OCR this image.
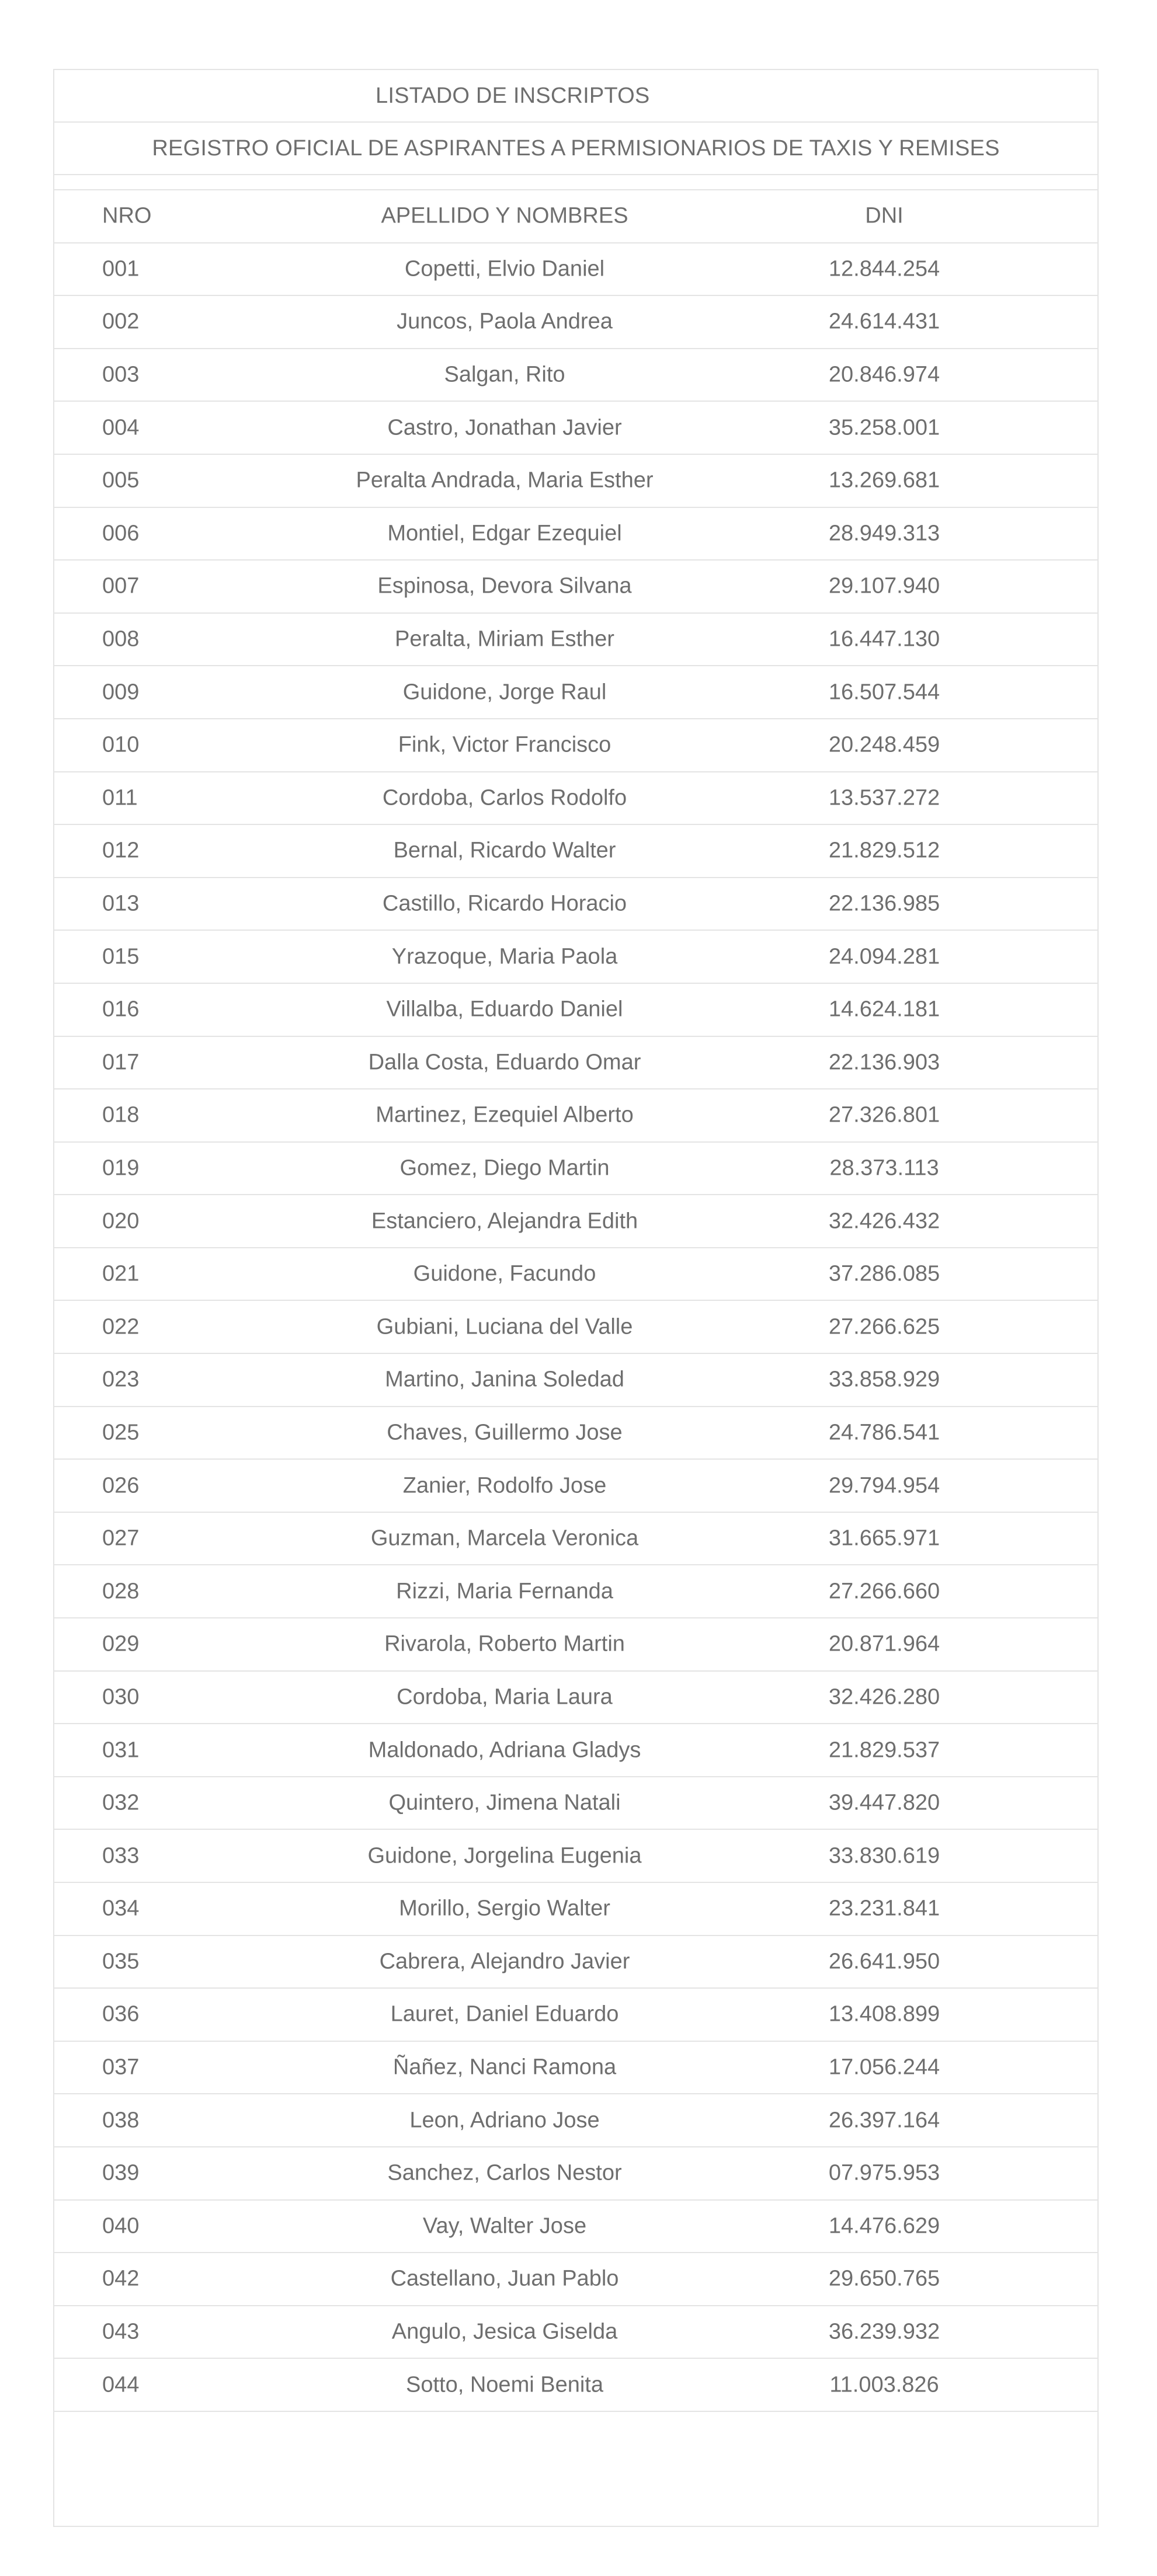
LISTADO DE INSCRIPTOS
REGISTRO OFICIAL DE ASPIRANTES A PERMISIONARIOS DE TAXIS Y REMISES
NRO	APELLIDO Y NOMBRES	DNI
001	Copetti, Elvio Daniel	12.844.254
002	Juncos, Paola Andrea	24.614.431
003	Salgan, Rito	20.846.974
004	Castro, Jonathan Javier	35.258.001
005	Peralta Andrada, Maria Esther	13.269.681
006	Montiel, Edgar Ezequiel	28.949.313
007	Espinosa, Devora Silvana	29.107.940
008	Peralta, Miriam Esther	16.447.130
009	Guidone, Jorge Raul	16.507.544
010	Fink, Victor Francisco	20.248.459
011	Cordoba, Carlos Rodolfo	13.537.272
012	Bernal, Ricardo Walter	21.829.512
013	Castillo, Ricardo Horacio	22.136.985
015	Yrazoque, Maria Paola	24.094.281
016	Villalba, Eduardo Daniel	14.624.181
017	Dalla Costa, Eduardo Omar	22.136.903
018	Martinez, Ezequiel Alberto	27.326.801
019	Gomez, Diego Martin	28.373.113
020	Estanciero, Alejandra Edith	32.426.432
021	Guidone, Facundo	37.286.085
022	Gubiani, Luciana del Valle	27.266.625
023	Martino, Janina Soledad	33.858.929
025	Chaves, Guillermo Jose	24.786.541
026	Zanier, Rodolfo Jose	29.794.954
027	Guzman, Marcela Veronica	31.665.971
028	Rizzi, Maria Fernanda	27.266.660
029	Rivarola, Roberto Martin	20.871.964
030	Cordoba, Maria Laura	32.426.280
031	Maldonado, Adriana Gladys	21.829.537
032	Quintero, Jimena Natali	39.447.820
033	Guidone, Jorgelina Eugenia	33.830.619
034	Morillo, Sergio Walter	23.231.841
035	Cabrera, Alejandro Javier	26.641.950
036	Lauret, Daniel Eduardo	13.408.899
037	Ñañez, Nanci Ramona	17.056.244
038	Leon, Adriano Jose	26.397.164
039	Sanchez, Carlos Nestor	07.975.953
040	Vay, Walter Jose	14.476.629
042	Castellano, Juan Pablo	29.650.765
043	Angulo, Jesica Giselda	36.239.932
044	Sotto, Noemi Benita	11.003.826
